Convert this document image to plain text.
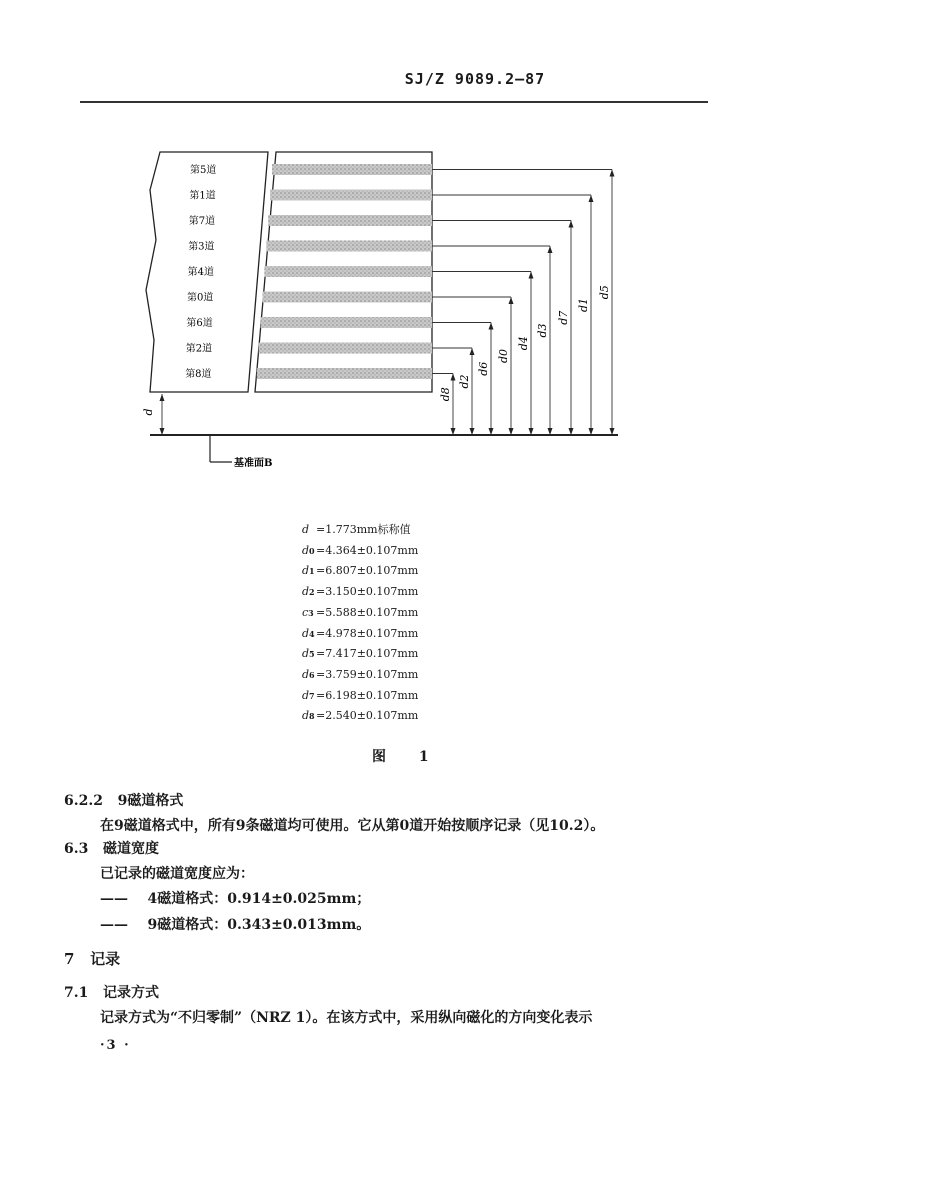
SJ/Z 9089.2—87
第5道
第1道
第7道
第3道
第4道
第0道
第6道
第2道
第8道
d8
d2
d6
d0
d4
d3
d7
d1
d5
d
基准面B
d =1.773mm标称值
d0=4.364±0.107mm
d1=6.807±0.107mm
d2=3.150±0.107mm
c3 =5.588±0.107mm
d4=4.978±0.107mm
d5=7.417±0.107mm
d6=3.759±0.107mm
d7=6.198±0.107mm
d8=2.540±0.107mm
图 1
6.2.2 9磁道格式
在9磁道格式中，所有9条磁道均可使用。它从第0道开始按顺序记录（见10.2）。
6.3 磁道宽度
已记录的磁道宽度应为：
—— 4磁道格式：0.914±0.025mm；
—— 9磁道格式：0.343±0.013mm。
7 记录
7.1 记录方式
记录方式为“不归零制”（NRZ 1）。在该方式中，采用纵向磁化的方向变化表示
·3 ·
